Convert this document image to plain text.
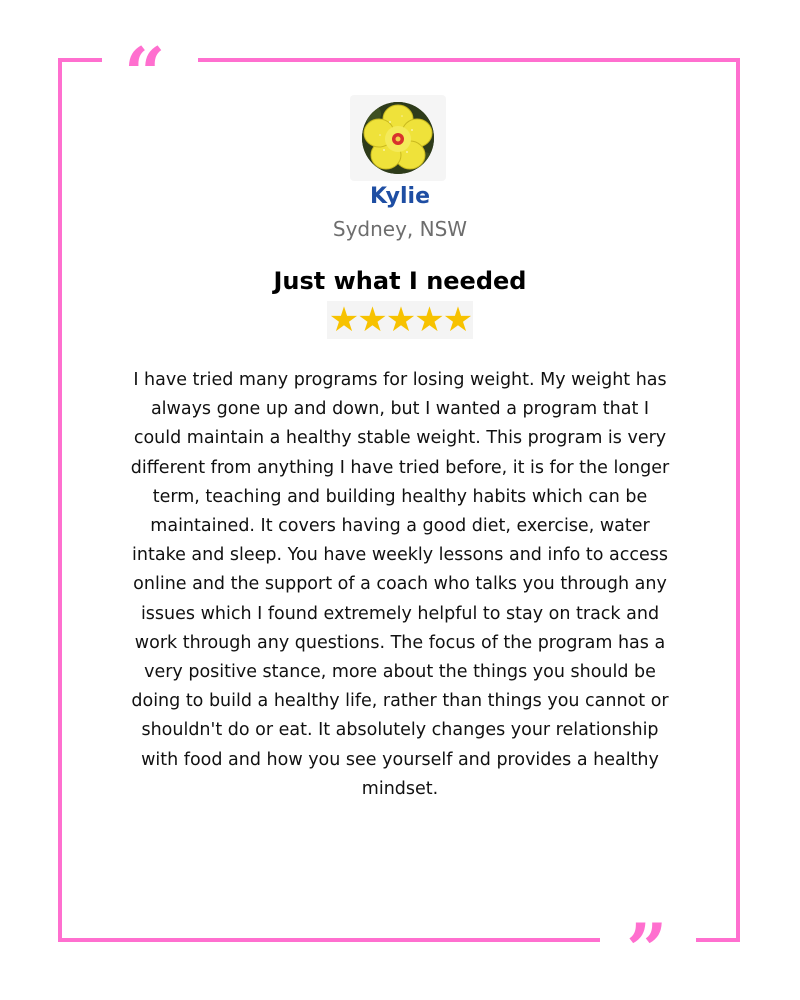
“
”
Kylie
Sydney, NSW
Just what I needed
★ ★ ★ ★ ★
I have tried many programs for losing weight. My weight has always gone up and down, but I wanted a program that I could maintain a healthy stable weight. This program is very different from anything I have tried before, it is for the longer term, teaching and building healthy habits which can be maintained. It covers having a good diet, exercise, water intake and sleep. You have weekly lessons and info to access online and the support of a coach who talks you through any issues which I found extremely helpful to stay on track and work through any questions. The focus of the program has a very positive stance, more about the things you should be doing to build a healthy life, rather than things you cannot or shouldn't do or eat. It absolutely changes your relationship with food and how you see yourself and provides a healthy mindset.
